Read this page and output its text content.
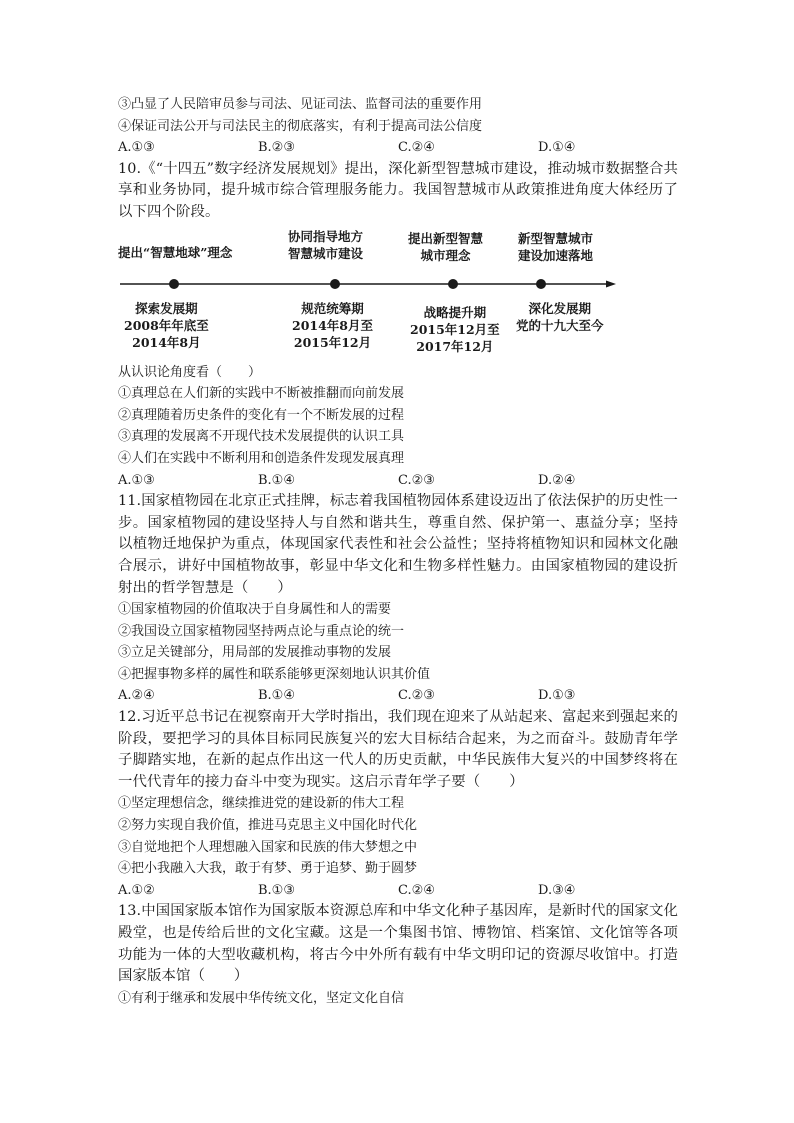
③凸显了人民陪审员参与司法、见证司法、监督司法的重要作用
④保证司法公开与司法民主的彻底落实，有利于提高司法公信度
A.①③	B.②③	C.②④	D.①④
10.《“十四五”数字经济发展规划》提出，深化新型智慧城市建设，推动城市数据整合共享和业务协同，提升城市综合管理服务能力。我国智慧城市从政策推进角度大体经历了以下四个阶段。
提出“智慧地球”理念
协同指导地方
智慧城市建设
提出新型智慧
城市理念
新型智慧城市
建设加速落地
探索发展期
2008年年底至
2014年8月
规范统筹期
2014年8月至
2015年12月
战略提升期
2015年12月至
2017年12月
深化发展期
党的十九大至今
从认识论角度看（　　）
①真理总在人们新的实践中不断被推翻而向前发展
②真理随着历史条件的变化有一个不断发展的过程
③真理的发展离不开现代技术发展提供的认识工具
④人们在实践中不断利用和创造条件发现发展真理
A.①③	B.①④	C.②③	D.②④
11.国家植物园在北京正式挂牌，标志着我国植物园体系建设迈出了依法保护的历史性一步。国家植物园的建设坚持人与自然和谐共生，尊重自然、保护第一、惠益分享；坚持以植物迁地保护为重点，体现国家代表性和社会公益性；坚持将植物知识和园林文化融合展示，讲好中国植物故事，彰显中华文化和生物多样性魅力。由国家植物园的建设折射出的哲学智慧是（　　）
①国家植物园的价值取决于自身属性和人的需要
②我国设立国家植物园坚持两点论与重点论的统一
③立足关键部分，用局部的发展推动事物的发展
④把握事物多样的属性和联系能够更深刻地认识其价值
A.②④	B.①④	C.②③	D.①③
12.习近平总书记在视察南开大学时指出，我们现在迎来了从站起来、富起来到强起来的阶段，要把学习的具体目标同民族复兴的宏大目标结合起来，为之而奋斗。鼓励青年学子脚踏实地，在新的起点作出这一代人的历史贡献，中华民族伟大复兴的中国梦终将在一代代青年的接力奋斗中变为现实。这启示青年学子要（　　）
①坚定理想信念，继续推进党的建设新的伟大工程
②努力实现自我价值，推进马克思主义中国化时代化
③自觉地把个人理想融入国家和民族的伟大梦想之中
④把小我融入大我，敢于有梦、勇于追梦、勤于圆梦
A.①②	B.①③	C.②④	D.③④
13.中国国家版本馆作为国家版本资源总库和中华文化种子基因库，是新时代的国家文化殿堂，也是传给后世的文化宝藏。这是一个集图书馆、博物馆、档案馆、文化馆等各项功能为一体的大型收藏机构，将古今中外所有载有中华文明印记的资源尽收馆中。打造国家版本馆（　　）
①有利于继承和发展中华传统文化，坚定文化自信
